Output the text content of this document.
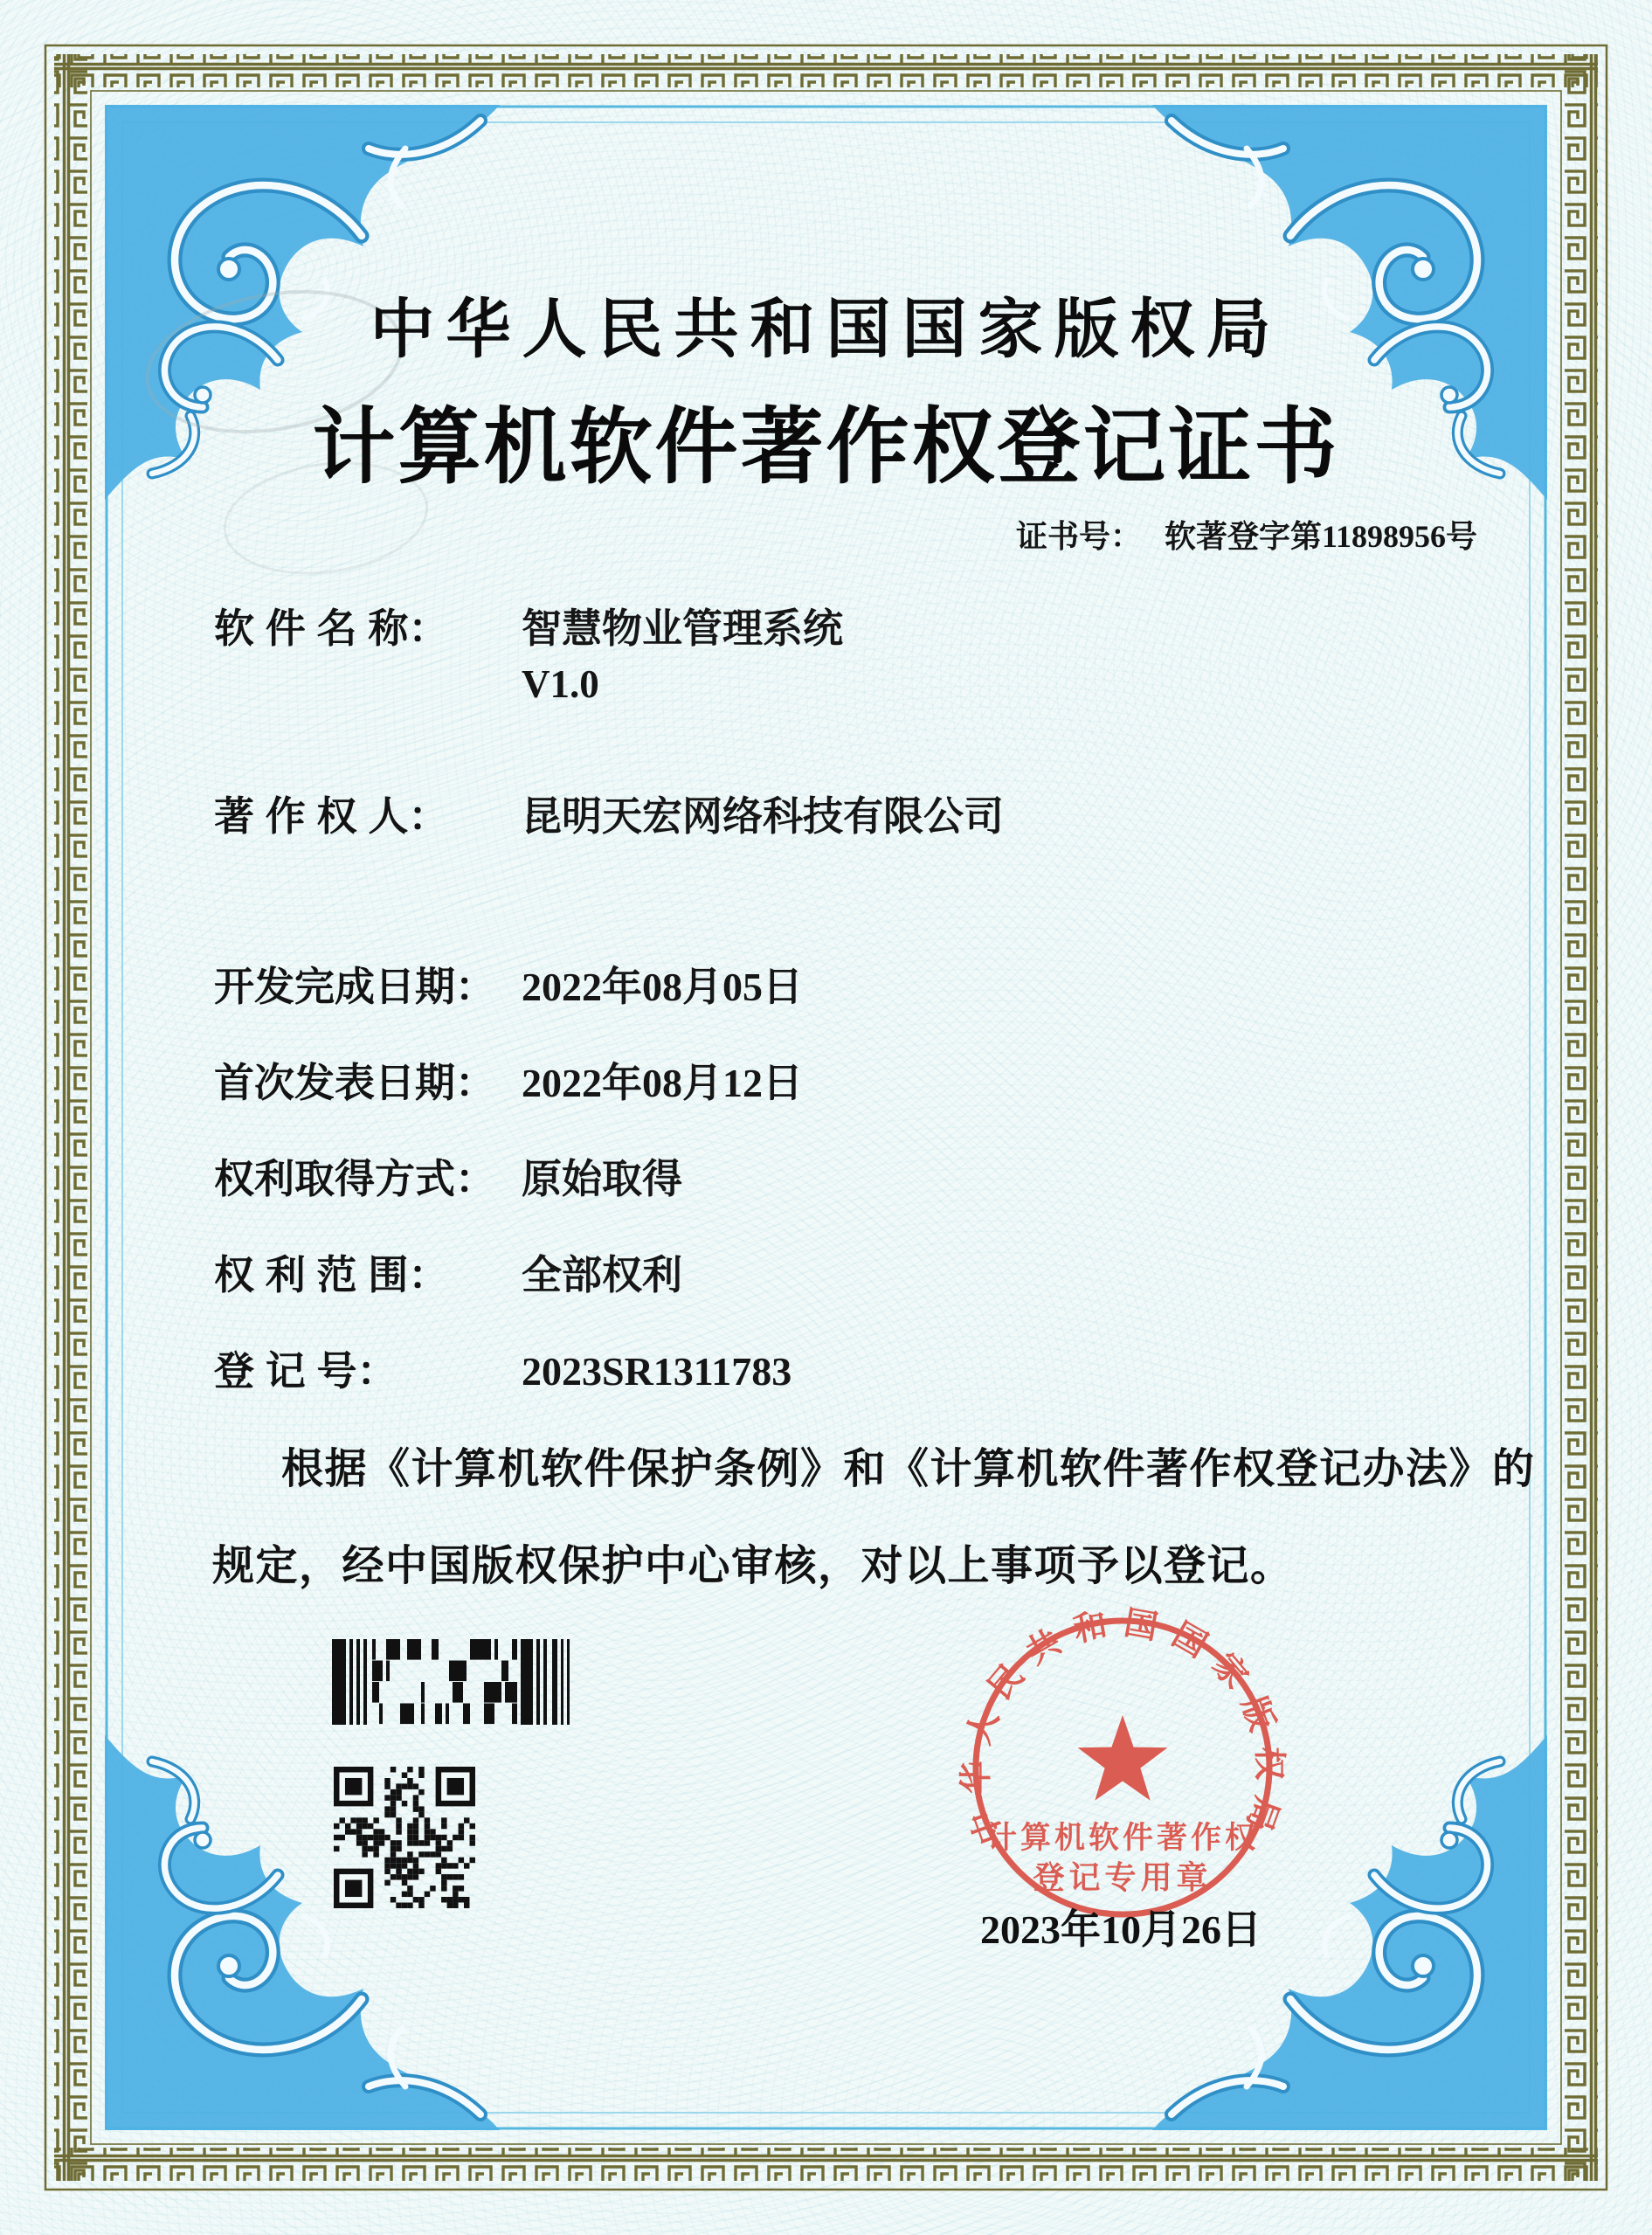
中华人民共和国国家版权局
计算机软件著作权登记证书
证书号： 软著登字第11898956号
软 件 名 称： 智慧物业管理系统
V1.0
著 作 权 人： 昆明天宏网络科技有限公司
开发完成日期： 2022年08月05日
首次发表日期： 2022年08月12日
权利取得方式： 原始取得
权 利 范 围： 全部权利
登 记 号：	2023SR1311783
根据《计算机软件保护条例》和《计算机软件著作权登记办法》的
规定，经中国版权保护中心审核，对以上事项予以登记。
中华人民共和国国家版权局
计算机软件著作权
登记专用章
2023年10月26日
